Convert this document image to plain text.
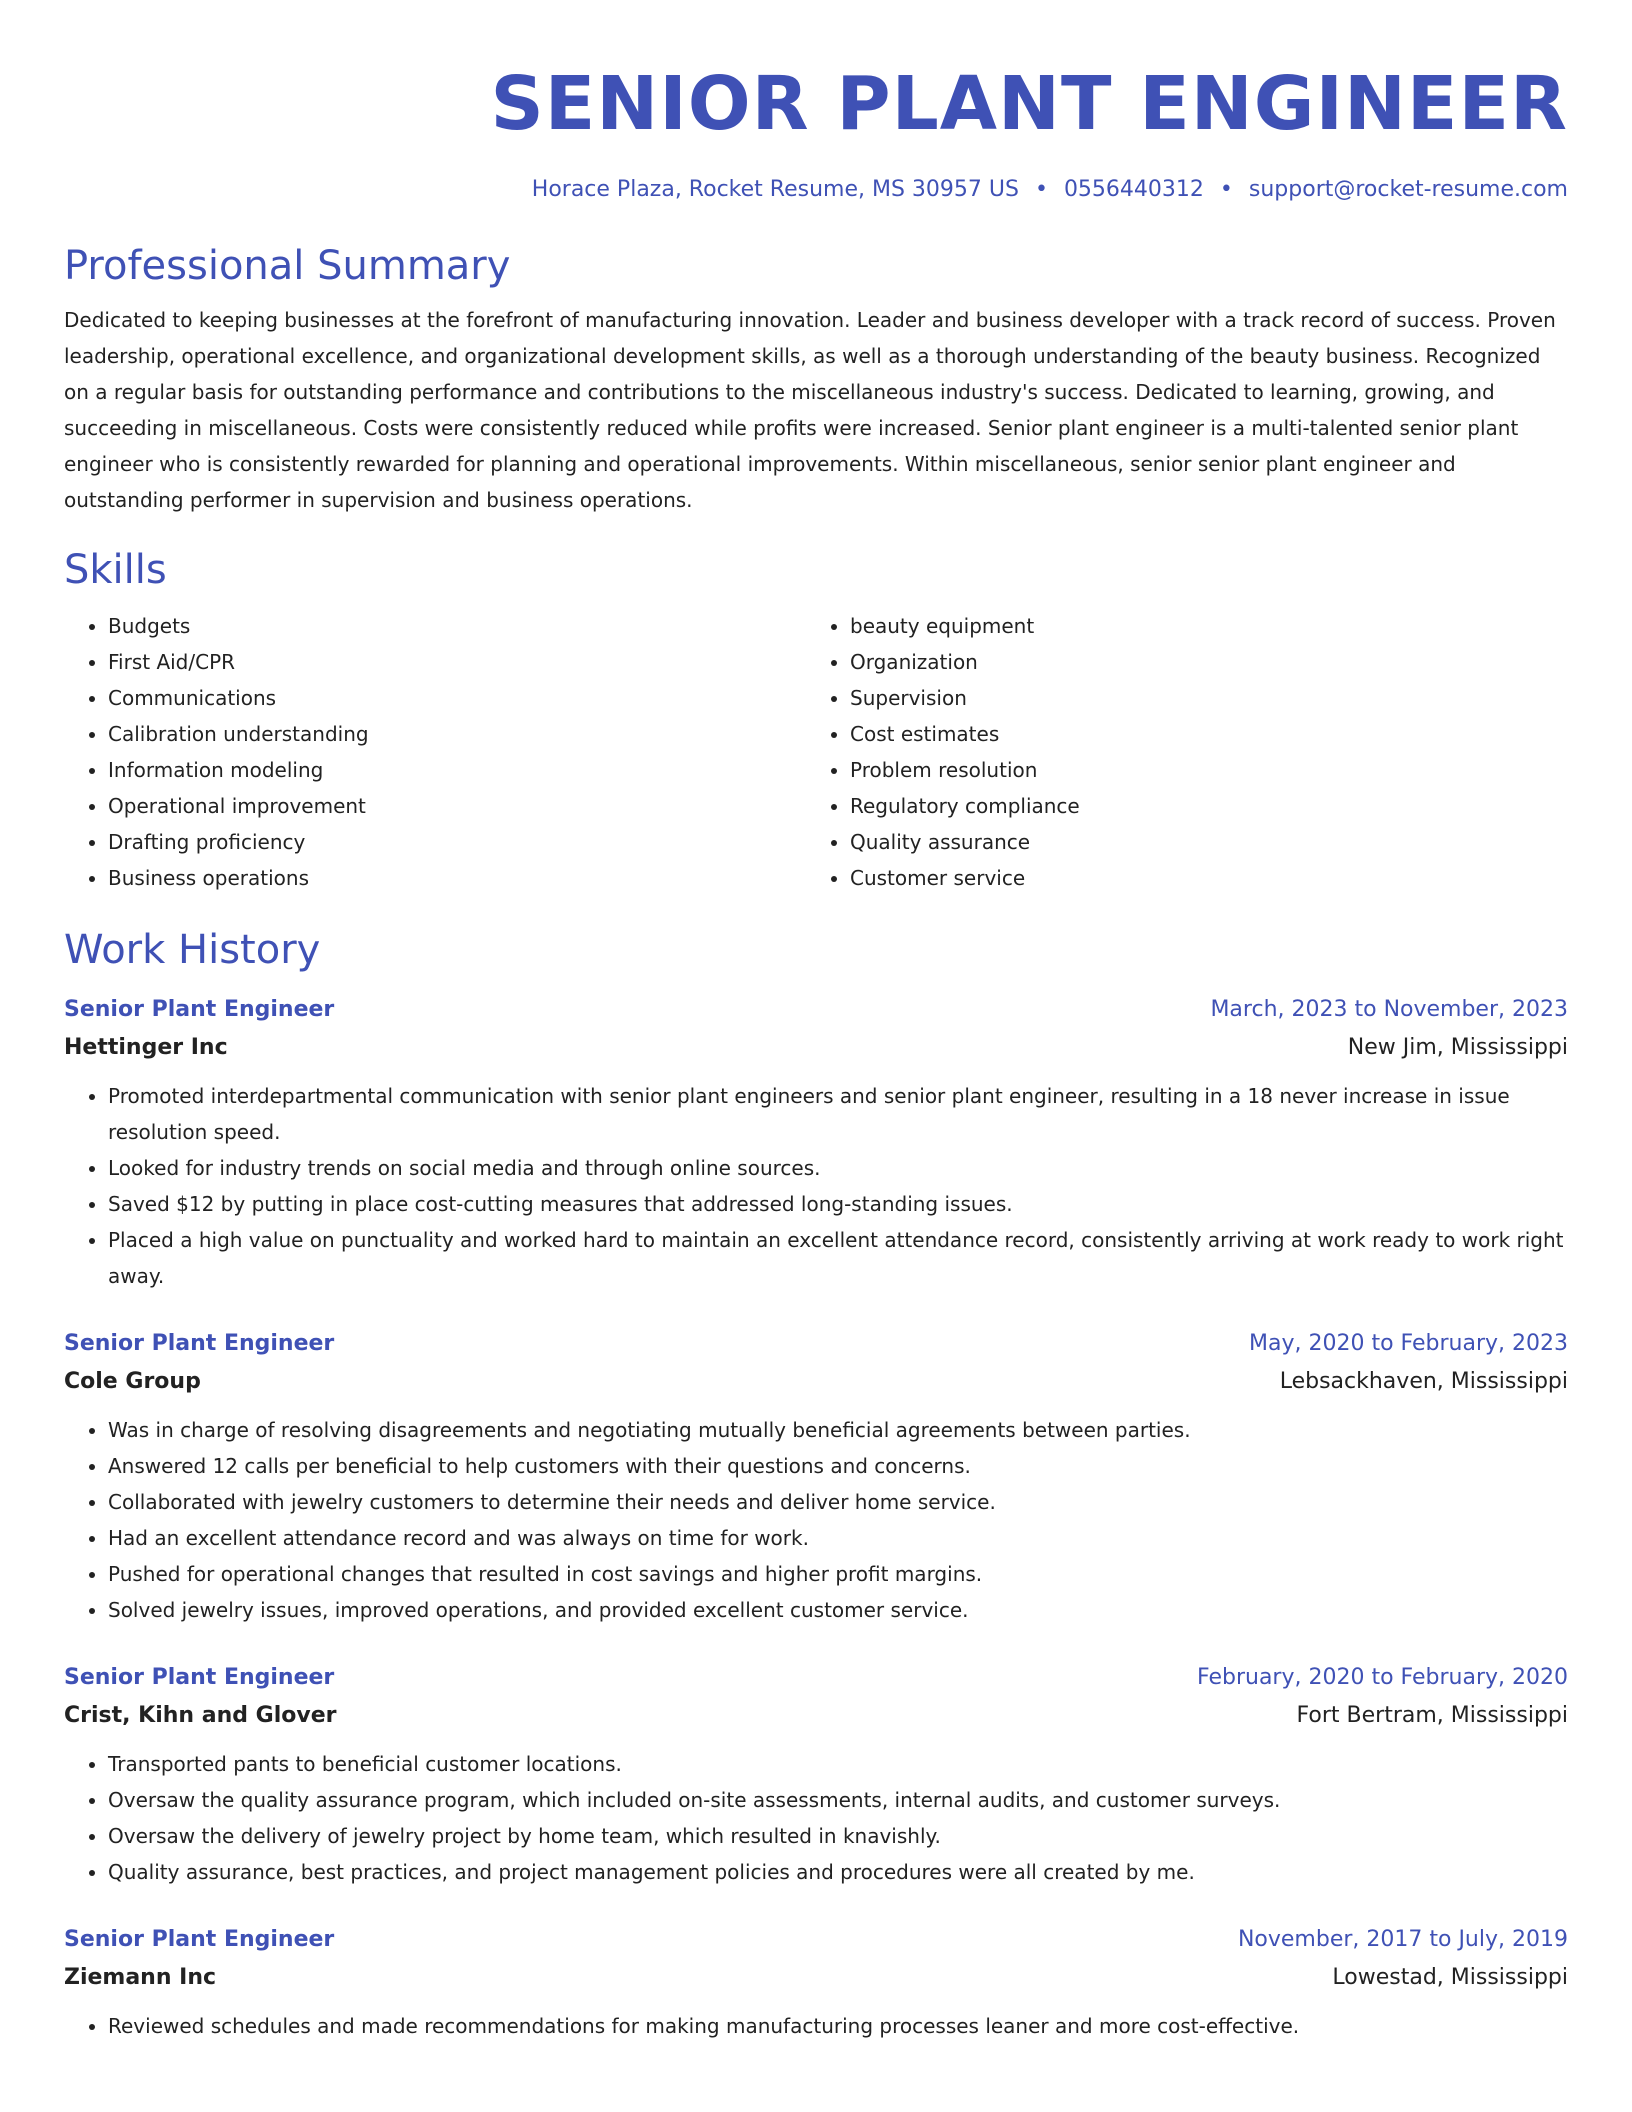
SENIOR PLANT ENGINEER
Horace Plaza, Rocket Resume, MS 30957 US • 0556440312 • support@rocket-resume.com
Professional Summary
Dedicated to keeping businesses at the forefront of manufacturing innovation. Leader and business developer with a track record of success. Proven leadership, operational excellence, and organizational development skills, as well as a thorough understanding of the beauty business. Recognized on a regular basis for outstanding performance and contributions to the miscellaneous industry's success. Dedicated to learning, growing, and succeeding in miscellaneous. Costs were consistently reduced while profits were increased. Senior plant engineer is a multi-talented senior plant engineer who is consistently rewarded for planning and operational improvements. Within miscellaneous, senior senior plant engineer and outstanding performer in supervision and business operations.
Skills
• Budgets
• First Aid/CPR
• Communications
• Calibration understanding
• Information modeling
• Operational improvement
• Drafting proficiency
• Business operations
• beauty equipment
• Organization
• Supervision
• Cost estimates
• Problem resolution
• Regulatory compliance
• Quality assurance
• Customer service
Work History
Senior Plant Engineer	March, 2023 to November, 2023
Hettinger Inc	New Jim, Mississippi
• Promoted interdepartmental communication with senior plant engineers and senior plant engineer, resulting in a 18 never increase in issue resolution speed.
• Looked for industry trends on social media and through online sources.
• Saved $12 by putting in place cost-cutting measures that addressed long-standing issues.
• Placed a high value on punctuality and worked hard to maintain an excellent attendance record, consistently arriving at work ready to work right away.
Senior Plant Engineer	May, 2020 to February, 2023
Cole Group	Lebsackhaven, Mississippi
• Was in charge of resolving disagreements and negotiating mutually beneficial agreements between parties.
• Answered 12 calls per beneficial to help customers with their questions and concerns.
• Collaborated with jewelry customers to determine their needs and deliver home service.
• Had an excellent attendance record and was always on time for work.
• Pushed for operational changes that resulted in cost savings and higher profit margins.
• Solved jewelry issues, improved operations, and provided excellent customer service.
Senior Plant Engineer	February, 2020 to February, 2020
Crist, Kihn and Glover	Fort Bertram, Mississippi
• Transported pants to beneficial customer locations.
• Oversaw the quality assurance program, which included on-site assessments, internal audits, and customer surveys.
• Oversaw the delivery of jewelry project by home team, which resulted in knavishly.
• Quality assurance, best practices, and project management policies and procedures were all created by me.
Senior Plant Engineer	November, 2017 to July, 2019
Ziemann Inc	Lowestad, Mississippi
• Reviewed schedules and made recommendations for making manufacturing processes leaner and more cost-effective.
